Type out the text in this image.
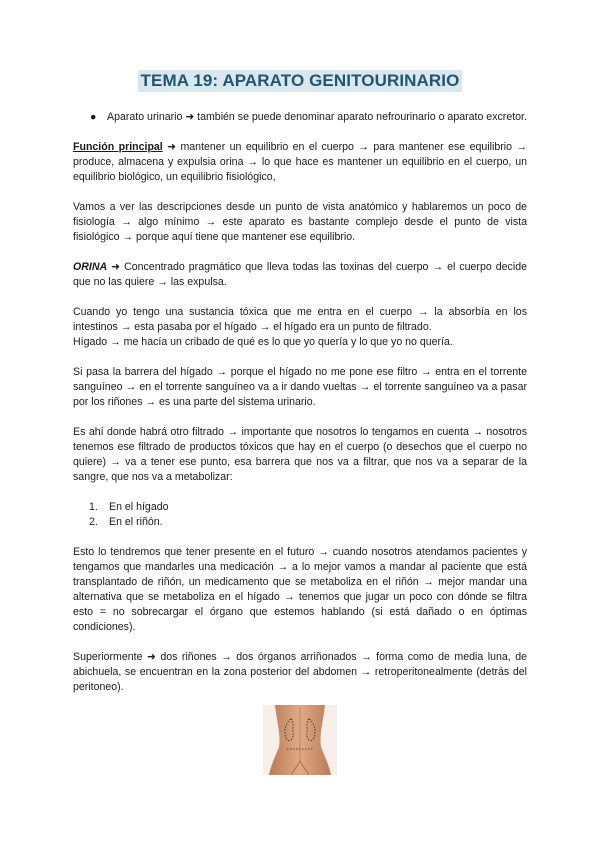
TEMA 19: APARATO GENITOURINARIO
● Aparato urinario ➜ también se puede denominar aparato nefrourinario o aparato excretor.

Función principal ➜ mantener un equilibrio en el cuerpo → para mantener ese equilibrio → produce, almacena y expulsia orina → lo que hace es mantener un equilibrio en el cuerpo, un equilibrio biológico, un equilibrio fisiológico,

Vamos a ver las descripciones desde un punto de vista anatómico y hablaremos un poco de fisiología → algo mínimo → este aparato es bastante complejo desde el punto de vista fisiológico → porque aquí tiene que mantener ese equilibrio.

ORINA ➜ Concentrado pragmático que lleva todas las toxinas del cuerpo → el cuerpo decide que no las quiere → las expulsa.

Cuando yo tengo una sustancia tóxica que me entra en el cuerpo → la absorbía en los intestinos → esta pasaba por el hígado → el hígado era un punto de filtrado.

Hígado → me hacía un cribado de qué es lo que yo quería y lo que yo no quería.

Si pasa la barrera del hígado → porque el hígado no me pone ese filtro → entra en el torrente sanguíneo → en el torrente sanguíneo va a ir dando vueltas → el torrente sanguíneo va a pasar por los riñones → es una parte del sistema urinario.

Es ahí donde habrá otro filtrado → importante que nosotros lo tengamos en cuenta → nosotros tenemos ese filtrado de productos tóxicos que hay en el cuerpo (o desechos que el cuerpo no quiere) → va a tener ese punto, esa barrera que nos va a filtrar, que nos va a separar de la sangre, que nos va a metabolizar:

1. En el hígado
2. En el riñón.

Esto lo tendremos que tener presente en el futuro → cuando nosotros atendamos pacientes y tengamos que mandarles una medicación → a lo mejor vamos a mandar al paciente que está transplantado de riñón, un medicamento que se metaboliza en el riñón → mejor mandar una alternativa que se metaboliza en el hígado → tenemos que jugar un poco con dónde se filtra esto = no sobrecargar el órgano que estemos hablando (si está dañado o en óptimas condiciones).

Superiormente ➜ dos riñones → dos órganos arriñonados → forma como de media luna, de abichuela, se encuentran en la zona posterior del abdomen → retroperitonealmente (detrás del peritoneo).
